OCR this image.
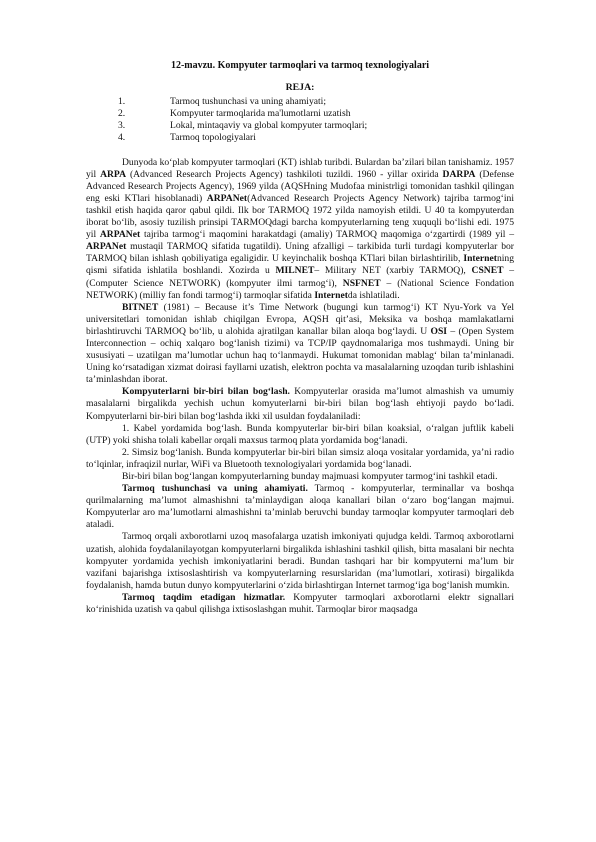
12-mavzu. Kompyuter tarmoqlari va tarmoq texnologiyalari
REJA:
1.	Tarmoq tushunchasi va uning ahamiyati;
2.	Kompyuter tarmoqlarida ma'lumotlarni uzatish
3.	Lokal, mintaqaviy va global kompyuter tarmoqlari;
4.	Tarmoq topologiyalari

Dunyoda ko‘plab kompyuter tarmoqlari (KT) ishlab turibdi. Bulardan ba’zilari bilan tanishamiz. 1957 yil ARPA (Advanced Research Projects Agency) tashkiloti tuzildi. 1960 - yillar oxirida DARPA (Defense Advanced Research Projects Agency), 1969 yilda (AQSHning Mudofaa ministrligi tomonidan tashkil qilingan eng eski KTlari hisoblanadi) ARPANet(Advanced Research Projects Agency Network) tajriba tarmog‘ini tashkil etish haqida qaror qabul qildi. Ilk bor TARMOQ 1972 yilda namoyish etildi. U 40 ta kompyuterdan iborat bo‘lib, asosiy tuzilish prinsipi TARMOQdagi barcha kompyuterlarning teng xuquqli bo‘lishi edi. 1975 yil ARPANet tajriba tarmog‘i maqomini harakatdagi (amaliy) TARMOQ maqomiga o‘zgartirdi (1989 yil – ARPANet mustaqil TARMOQ sifatida tugatildi). Uning afzalligi – tarkibida turli turdagi kompyuterlar bor TARMOQ bilan ishlash qobiliyatiga egaligidir. U keyinchalik boshqa KTlari bilan birlashtirilib, Internetning qismi sifatida ishlatila boshlandi. Xozirda u MILNET– Military NET (xarbiy TARMOQ), CSNET – (Computer Science NETWORK) (kompyuter ilmi tarmog‘i), NSFNET – (National Science Fondation NETWORK) (milliy fan fondi tarmog‘i) tarmoqlar sifatida Internetda ishlatiladi.

BITNET (1981) – Because it’s Time Network (bugungi kun tarmog‘i) KT Nyu-York va Yel universitetlari tomonidan ishlab chiqilgan Evropa, AQSH qit’asi, Meksika va boshqa mamlakatlarni birlashtiruvchi TARMOQ bo‘lib, u alohida ajratilgan kanallar bilan aloqa bog‘laydi. U OSI – (Open System Interconnection – ochiq xalqaro bog‘lanish tizimi) va TCP/IP qaydnomalariga mos tushmaydi. Uning bir xususiyati – uzatilgan ma’lumotlar uchun haq to‘lanmaydi. Hukumat tomonidan mablag‘ bilan ta’minlanadi. Uning ko‘rsatadigan xizmat doirasi fayllarni uzatish, elektron pochta va masalalarning uzoqdan turib ishlashini ta’minlashdan iborat.

Kompyuterlarni bir-biri bilan bog‘lash. Kompyuterlar orasida ma’lumot almashish va umumiy masalalarni birgalikda yechish uchun komyuterlarni bir-biri bilan bog‘lash ehtiyoji paydo bo‘ladi. Kompyuterlarni bir-biri bilan bog‘lashda ikki xil usuldan foydalaniladi:

1. Kabel yordamida bog‘lash. Bunda kompyuterlar bir-biri bilan koaksial, o‘ralgan juftlik kabeli (UTP) yoki shisha tolali kabellar orqali maxsus tarmoq plata yordamida bog‘lanadi.

2. Simsiz bog‘lanish. Bunda kompyuterlar bir-biri bilan simsiz aloqa vositalar yordamida, ya’ni radio to‘lqinlar, infraqizil nurlar, WiFi va Bluetooth texnologiyalari yordamida bog‘lanadi.

Bir-biri bilan bog‘langan kompyuterlarning bunday majmuasi kompyuter tarmog‘ini tashkil etadi.

Tarmoq tushunchasi va uning ahamiyati. Tarmoq - kompyuterlar, terminallar va boshqa qurilmalarning ma’lumot almashishni ta’minlaydigan aloqa kanallari bilan o‘zaro bog‘langan majmui. Kompyuterlar aro ma’lumotlarni almashishni ta’minlab beruvchi bunday tarmoqlar kompyuter tarmoqlari deb ataladi.

Tarmoq orqali axborotlarni uzoq masofalarga uzatish imkoniyati qujudga keldi. Tarmoq axborotlarni uzatish, alohida foydalanilayotgan kompyuterlarni birgalikda ishlashini tashkil qilish, bitta masalani bir nechta kompyuter yordamida yechish imkoniyatlarini beradi. Bundan tashqari har bir kompyuternі ma’lum bir vazifani bajarishga ixtisoslashtirish va kompyuterlarning resurslaridan (ma’lumotlari, xotirasi) birgalikda foydalanish, hamda butun dunyo kompyuterlarini o‘zida birlashtirgan Internet tarmog‘iga bog‘lanish mumkin.

Tarmoq taqdim etadigan hizmatlar. Kompyuter tarmoqlari axborotlarni elektr signallari ko‘rinishida uzatish va qabul qilishga ixtisoslashgan muhit. Tarmoqlar biror maqsadga
